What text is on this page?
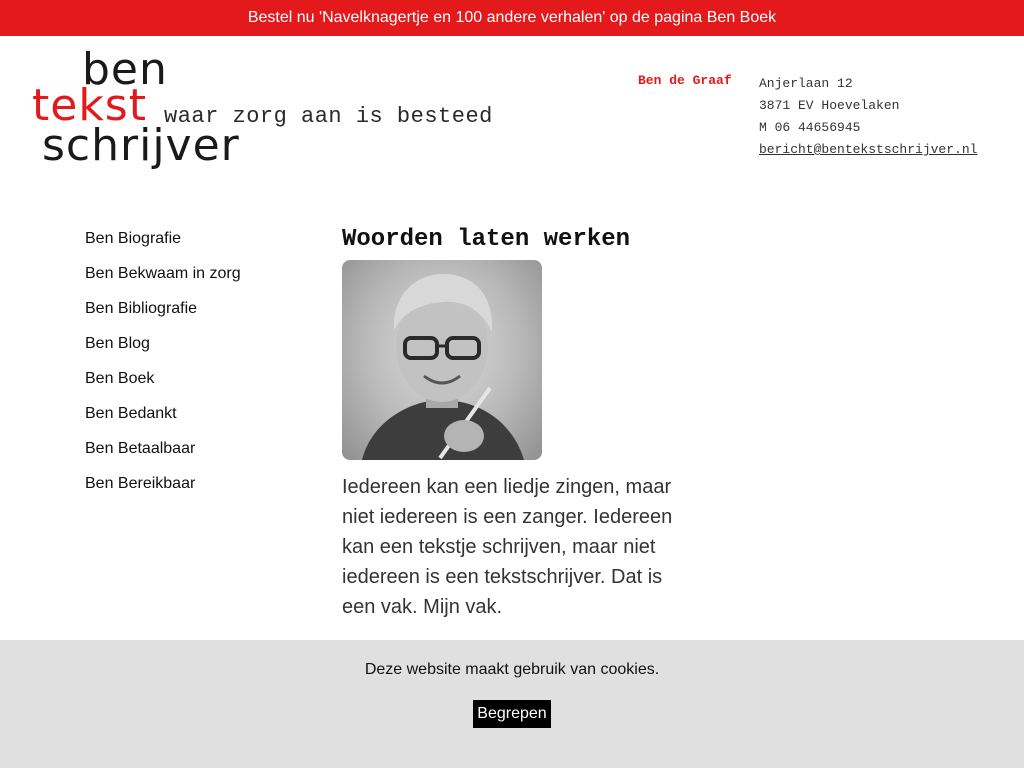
Bestel nu 'Navelknagertje en 100 andere verhalen' op de pagina Ben Boek
ben
tekst
schrijver
waar zorg aan is besteed
Ben de Graaf Anjerlaan 12
3871 EV Hoevelaken
M 06 44656945
bericht@bentekstschrijver.nl
Ben Biografie
Ben Bekwaam in zorg
Ben Bibliografie
Ben Blog
Ben Boek
Ben Bedankt
Ben Betaalbaar
Ben Bereikbaar
Woorden laten werken

Iedereen kan een liedje zingen, maar niet iedereen is een zanger. Iedereen kan een tekstje schrijven, maar niet iedereen is een tekstschrijver. Dat is een vak. Mijn vak.

Deze website maakt gebruik van cookies.
Begrepen
